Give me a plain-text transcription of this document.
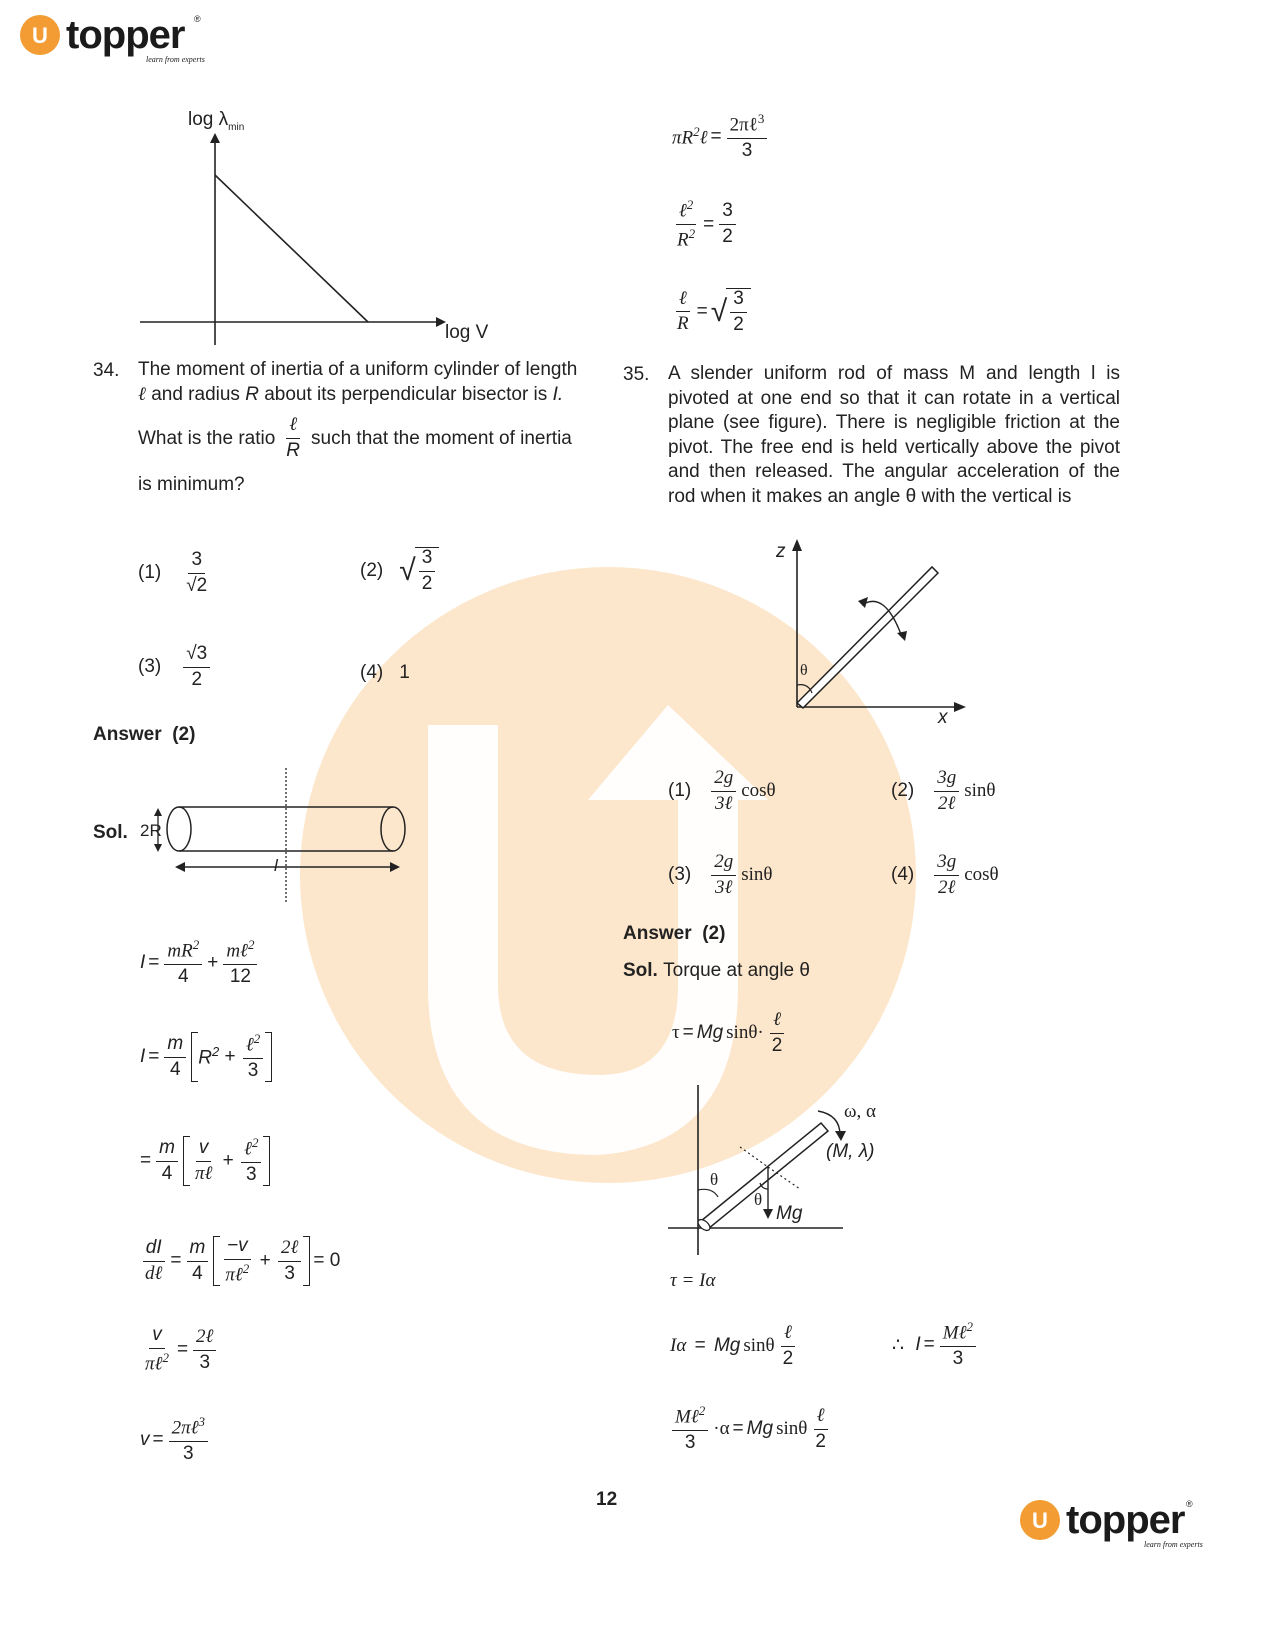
U topper ®
learn from experts
U topper ®
learn from experts
$\log \lambda_{min}$
log V
$\pi R^2\ell = \frac{2\pi\ell^3}{3}$
$\frac{\ell^2}{R^2} = \frac{3}{2}$
$\frac{\text{ℓ}}{R}$ = √ $\frac{3}{2}$
34. The moment of inertia of a uniform cylinder of length
ℓ and radius R about its perpendicular bisector is I.
What is the ratio $\frac{\text{ℓ}}{R}$ such that the moment of inertia
is minimum?
$(1) \frac{3}{√2}$	(2) √ $\frac{3}{2}$
$(3) \frac{√3}{2}$	(4) 1
Answer (2)
Sol. 2R
l
$I = \frac{mR^2}{4} + \frac{m\ell^2}{12}$
$I = \frac{m}{4} R^2 + \frac{\ell^2}{3}$
= $\frac{m}{4} \frac{v}{\text{πℓ}} + \frac{\ell^2}{3}$
$\frac{dI}{\text{dℓ}} = \frac{m}{4} \frac{-v}{\pi\ell^2} + \frac{\text{2ℓ}}{3} = 0$
$\frac{v}{\pi\ell^2} = \frac{\text{2ℓ}}{3}$
$v = \frac{2\pi\ell^3}{3}$
35. A slender uniform rod of mass M and length l is pivoted at one end so that it can rotate in a vertical plane (see figure). There is negligible friction at the pivot. The free end is held vertically above the pivot and then released. The angular acceleration of the rod when it makes an angle θ with the vertical is
z
x
θ
$(1) \frac{2g}{\text{3ℓ}}$ cosθ	$(2) \frac{3g}{\text{2ℓ}}$ sinθ
$(3) \frac{2g}{\text{3ℓ}}$ sinθ	$(4) \frac{3g}{\text{2ℓ}}$ cosθ
Answer (2)
Sol. Torque at angle θ
τ = Mg $\sin\theta\cdot \frac{\text{ℓ}}{2}$
ω, α
(M, λ)
θ
θ
Mg
τ = Iα
Iα = Mg sinθ $\frac{\text{ℓ}}{2}$	∴
$I = \frac{M\ell^2}{3}$
$\frac{M\ell^2}{3} \cdot\alpha = Mg$ sinθ $\frac{\text{ℓ}}{2}$
12
